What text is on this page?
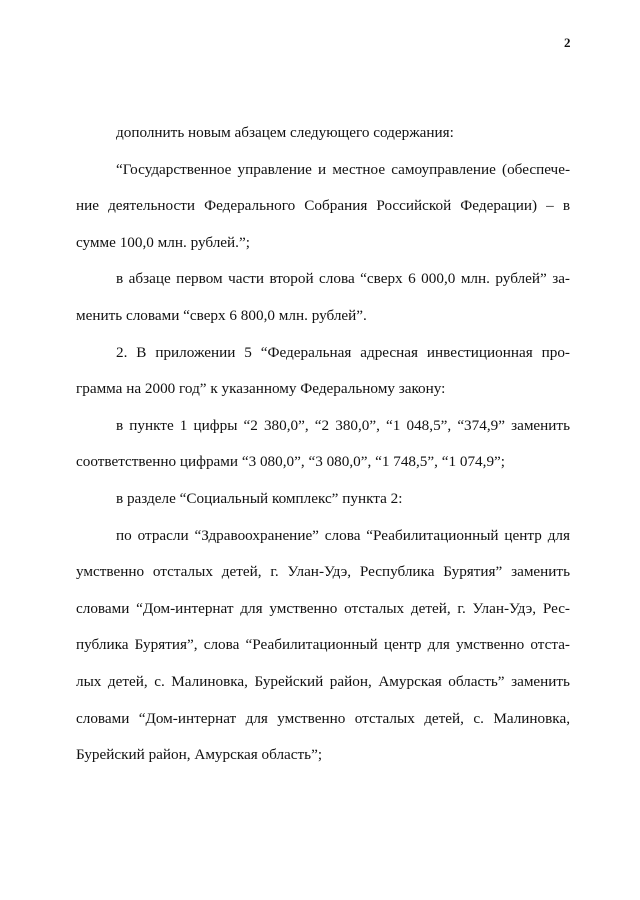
2
дополнить новым абзацем следующего содержания:
“Государственное управление и местное самоуправление (обеспече-
ние деятельности Федерального Собрания Российской Федерации) – в
сумме 100,0 млн. рублей.”;
в абзаце первом части второй слова “сверх 6 000,0 млн. рублей” за-
менить словами “сверх 6 800,0 млн. рублей”.
2. В приложении 5 “Федеральная адресная инвестиционная про-
грамма на 2000 год” к указанному Федеральному закону:
в пункте 1 цифры “2 380,0”, “2 380,0”, “1 048,5”, “374,9” заменить
соответственно цифрами “3 080,0”, “3 080,0”, “1 748,5”, “1 074,9”;
в разделе “Социальный комплекс” пункта 2:
по отрасли “Здравоохранение” слова “Реабилитационный центр для
умственно отсталых детей, г. Улан-Удэ, Республика Бурятия” заменить
словами “Дом-интернат для умственно отсталых детей, г. Улан-Удэ, Рес-
публика Бурятия”, слова “Реабилитационный центр для умственно отста-
лых детей, с. Малиновка, Бурейский район, Амурская область” заменить
словами “Дом-интернат для умственно отсталых детей, с. Малиновка,
Бурейский район, Амурская область”;
